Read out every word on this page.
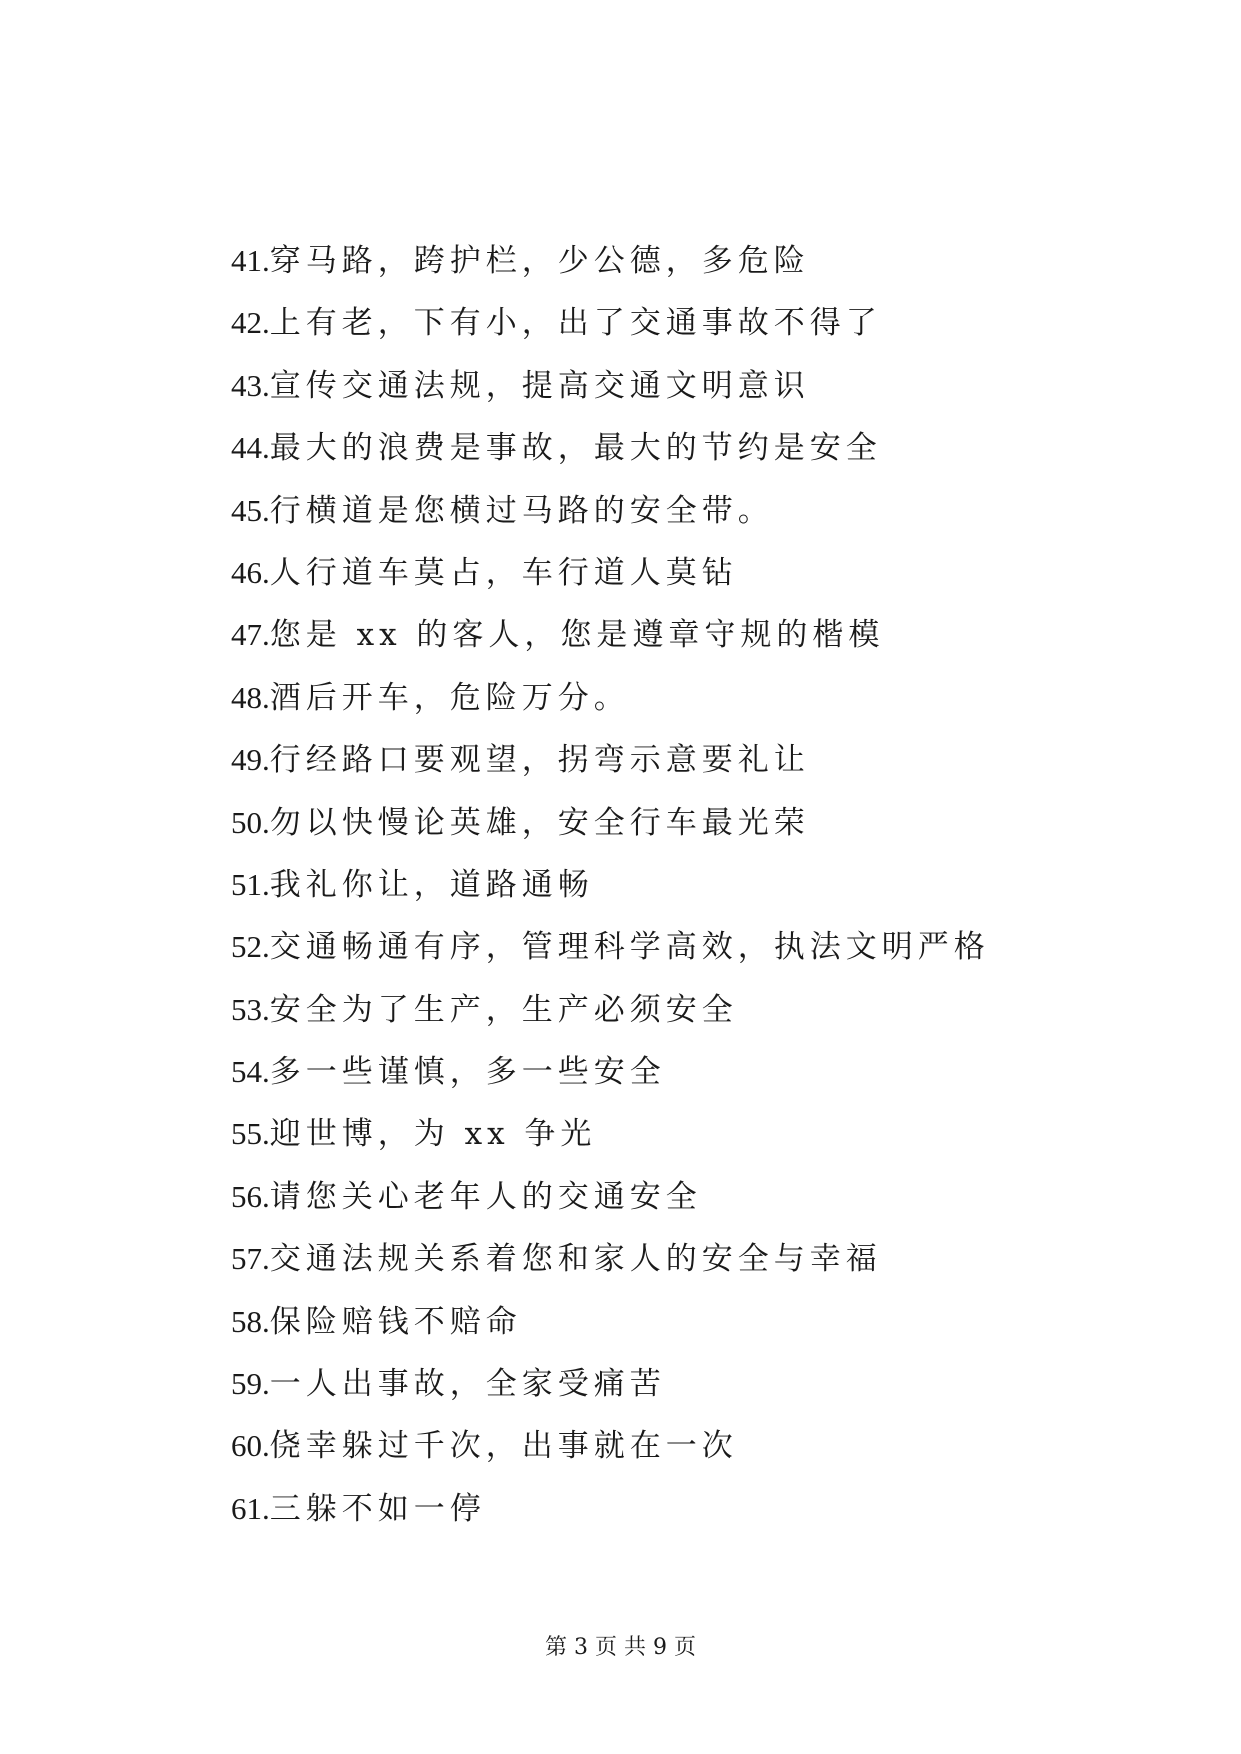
41.穿马路，跨护栏，少公德，多危险
42.上有老，下有小，出了交通事故不得了
43.宣传交通法规，提高交通文明意识
44.最大的浪费是事故，最大的节约是安全
45.行横道是您横过马路的安全带。
46.人行道车莫占，车行道人莫钻
47.您是 xx 的客人，您是遵章守规的楷模
48.酒后开车，危险万分。
49.行经路口要观望，拐弯示意要礼让
50.勿以快慢论英雄，安全行车最光荣
51.我礼你让，道路通畅
52.交通畅通有序，管理科学高效，执法文明严格
53.安全为了生产，生产必须安全
54.多一些谨慎，多一些安全
55.迎世博，为 xx 争光
56.请您关心老年人的交通安全
57.交通法规关系着您和家人的安全与幸福
58.保险赔钱不赔命
59.一人出事故，全家受痛苦
60.侥幸躲过千次，出事就在一次
61.三躲不如一停
第 3 页 共 9 页
